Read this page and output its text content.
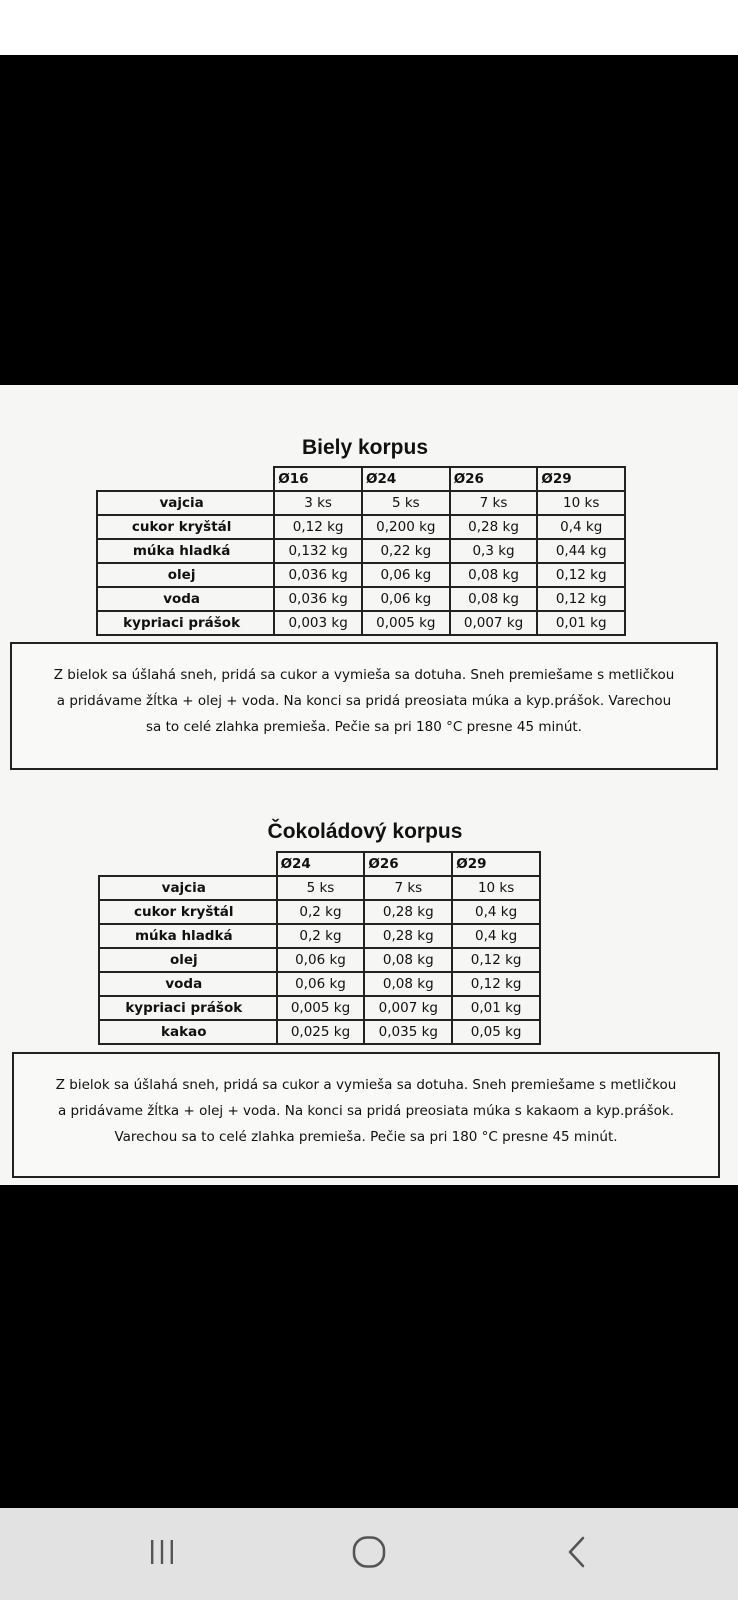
Biely korpus
	Ø16	Ø24	Ø26	Ø29
vajcia	3 ks	5 ks	7 ks	10 ks
cukor kryštál	0,12 kg	0,200 kg	0,28 kg	0,4 kg
múka hladká	0,132 kg	0,22 kg	0,3 kg	0,44 kg
olej	0,036 kg	0,06 kg	0,08 kg	0,12 kg
voda	0,036 kg	0,06 kg	0,08 kg	0,12 kg
kypriaci prášok	0,003 kg	0,005 kg	0,007 kg	0,01 kg

Z bielok sa úšlahá sneh, pridá sa cukor a vymieša sa dotuha. Sneh premiešame s metličkou

a pridávame žĺtka + olej + voda. Na konci sa pridá preosiata múka a kyp.prášok. Varechou

sa to celé zlahka premieša. Pečie sa pri 180 °C presne 45 minút.

Čokoládový korpus
	Ø24	Ø26	Ø29
vajcia	5 ks	7 ks	10 ks
cukor kryštál	0,2 kg	0,28 kg	0,4 kg
múka hladká	0,2 kg	0,28 kg	0,4 kg
olej	0,06 kg	0,08 kg	0,12 kg
voda	0,06 kg	0,08 kg	0,12 kg
kypriaci prášok	0,005 kg	0,007 kg	0,01 kg
kakao	0,025 kg	0,035 kg	0,05 kg

Z bielok sa úšlahá sneh, pridá sa cukor a vymieša sa dotuha. Sneh premiešame s metličkou

a pridávame žĺtka + olej + voda. Na konci sa pridá preosiata múka s kakaom a kyp.prášok.

Varechou sa to celé zlahka premieša. Pečie sa pri 180 °C presne 45 minút.
